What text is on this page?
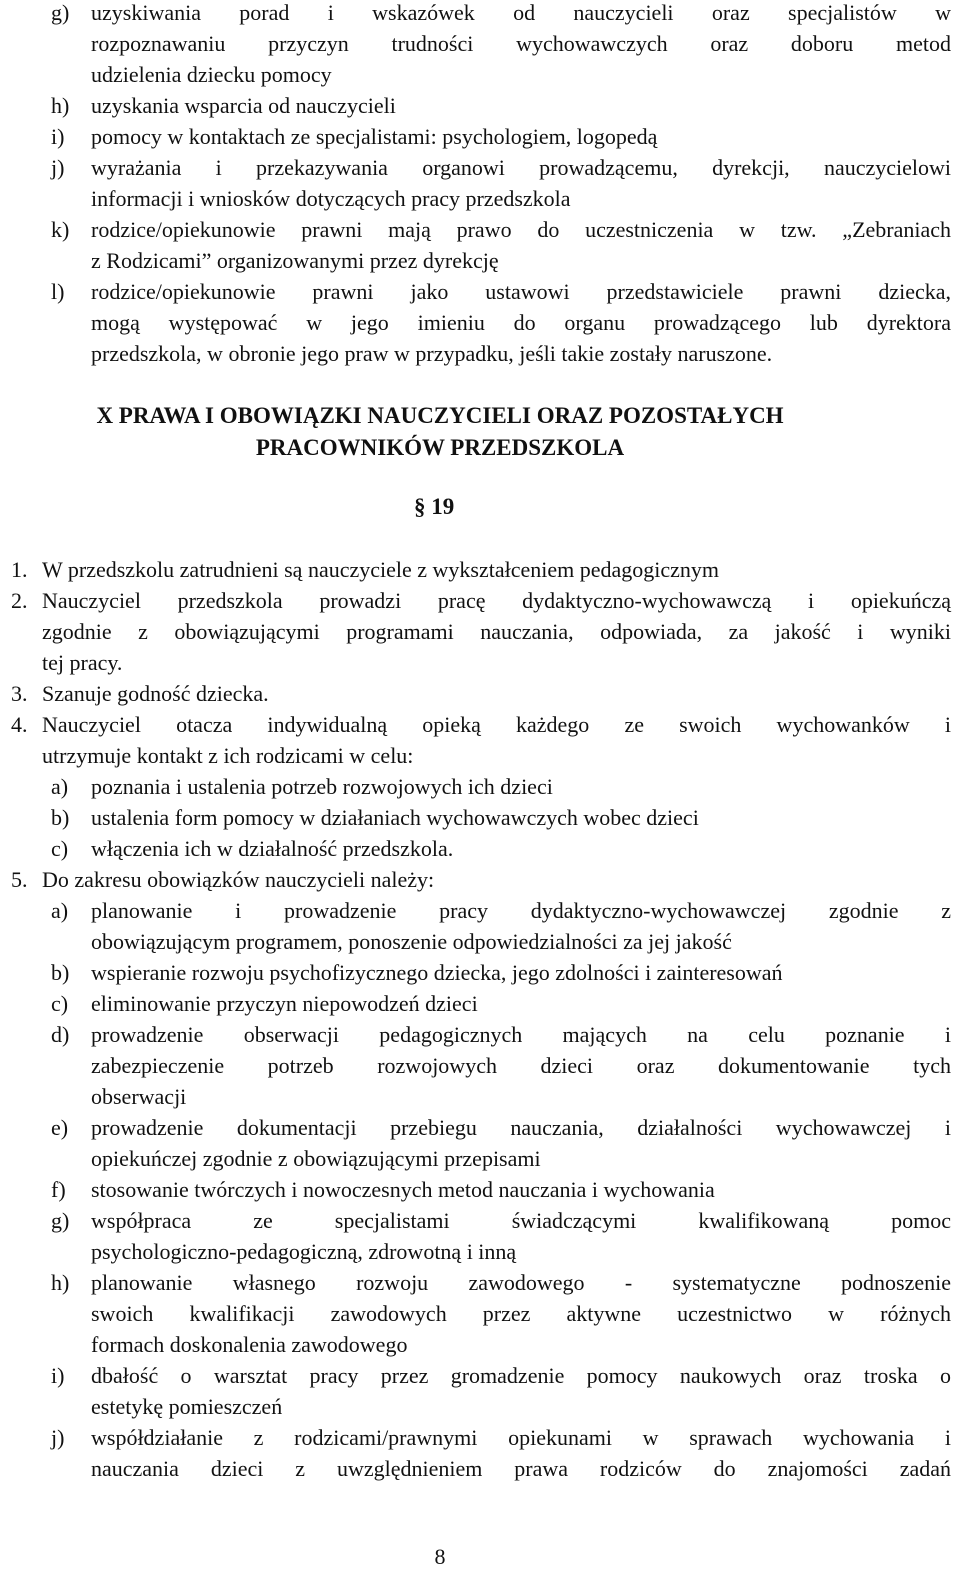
g) uzyskiwania porad i wskazówek od nauczycieli oraz specjalistów w
rozpoznawaniu przyczyn trudności wychowawczych oraz doboru metod
udzielenia dziecku pomocy
h) uzyskania wsparcia od nauczycieli
i) pomocy w kontaktach ze specjalistami: psychologiem, logopedą
j) wyrażania i przekazywania organowi prowadzącemu, dyrekcji, nauczycielowi
informacji i wniosków dotyczących pracy przedszkola
k) rodzice/opiekunowie prawni mają prawo do uczestniczenia w tzw. „Zebraniach
z Rodzicami” organizowanymi przez dyrekcję
l) rodzice/opiekunowie prawni jako ustawowi przedstawiciele prawni dziecka,
mogą występować w jego imieniu do organu prowadzącego lub dyrektora
przedszkola, w obronie jego praw w przypadku, jeśli takie zostały naruszone.
X PRAWA I OBOWIĄZKI NAUCZYCIELI ORAZ POZOSTAŁYCH
PRACOWNIKÓW PRZEDSZKOLA
§ 19
1. W przedszkolu zatrudnieni są nauczyciele z wykształceniem pedagogicznym
2. Nauczyciel przedszkola prowadzi pracę dydaktyczno-wychowawczą i opiekuńczą
zgodnie z obowiązującymi programami nauczania, odpowiada, za jakość i wyniki
tej pracy.
3. Szanuje godność dziecka.
4. Nauczyciel otacza indywidualną opieką każdego ze swoich wychowanków i
utrzymuje kontakt z ich rodzicami w celu:
a) poznania i ustalenia potrzeb rozwojowych ich dzieci
b) ustalenia form pomocy w działaniach wychowawczych wobec dzieci
c) włączenia ich w działalność przedszkola.
5. Do zakresu obowiązków nauczycieli należy:
a) planowanie i prowadzenie pracy dydaktyczno-wychowawczej zgodnie z
obowiązującym programem, ponoszenie odpowiedzialności za jej jakość
b) wspieranie rozwoju psychofizycznego dziecka, jego zdolności i zainteresowań
c) eliminowanie przyczyn niepowodzeń dzieci
d) prowadzenie obserwacji pedagogicznych mających na celu poznanie i
zabezpieczenie potrzeb rozwojowych dzieci oraz dokumentowanie tych
obserwacji
e) prowadzenie dokumentacji przebiegu nauczania, działalności wychowawczej i
opiekuńczej zgodnie z obowiązującymi przepisami
f) stosowanie twórczych i nowoczesnych metod nauczania i wychowania
g) współpraca ze specjalistami świadczącymi kwalifikowaną pomoc
psychologiczno-pedagogiczną, zdrowotną i inną
h) planowanie własnego rozwoju zawodowego - systematyczne podnoszenie
swoich kwalifikacji zawodowych przez aktywne uczestnictwo w różnych
formach doskonalenia zawodowego
i) dbałość o warsztat pracy przez gromadzenie pomocy naukowych oraz troska o
estetykę pomieszczeń
j) współdziałanie z rodzicami/prawnymi opiekunami w sprawach wychowania i
nauczania dzieci z uwzględnieniem prawa rodziców do znajomości zadań
8
